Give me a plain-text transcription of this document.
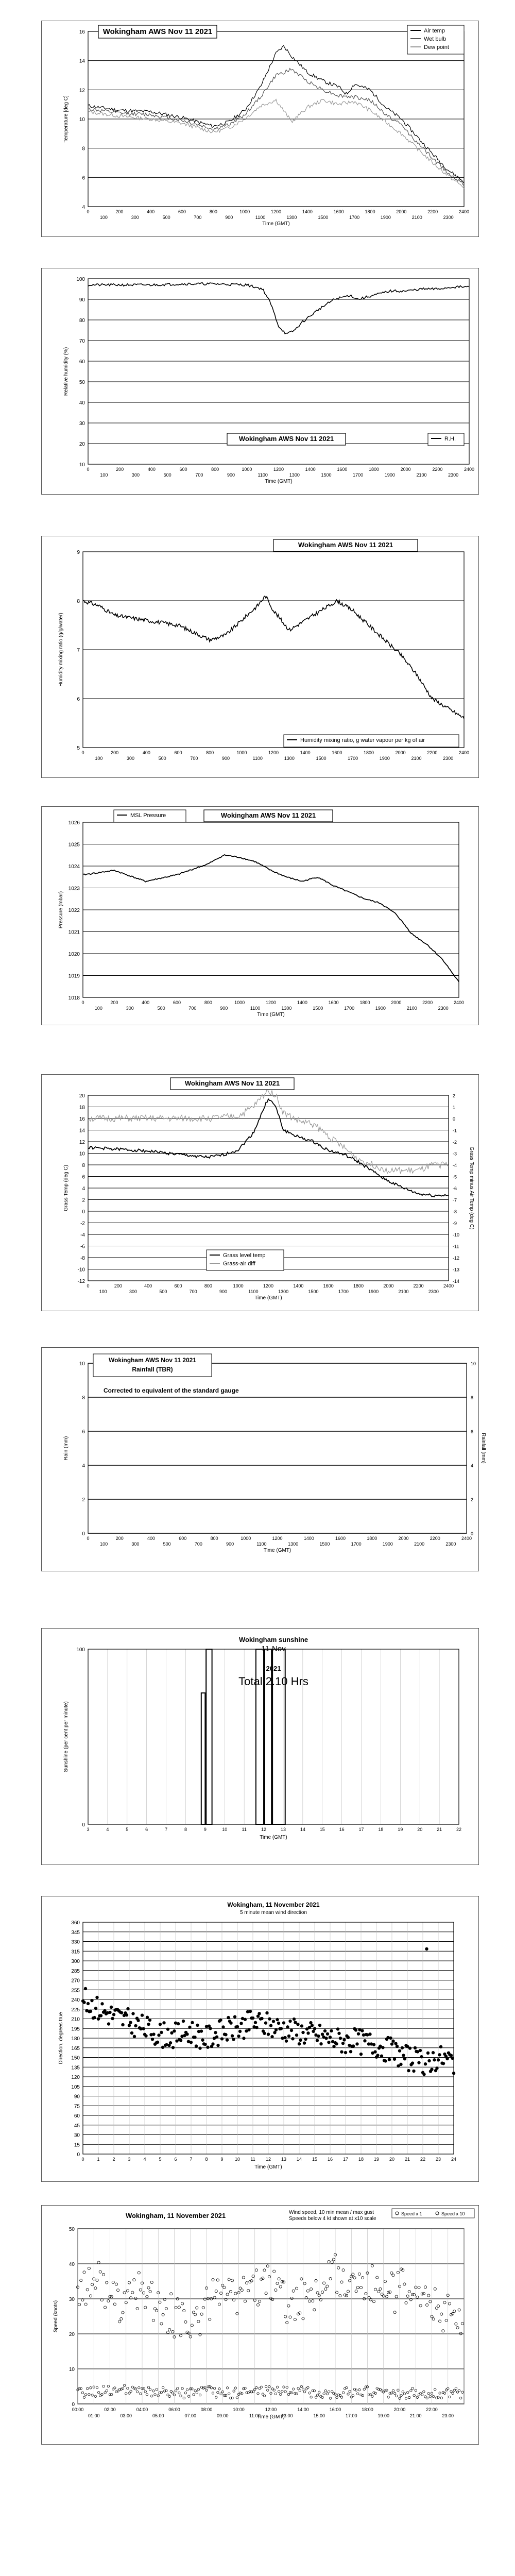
4
6
8
10
12
14
16
0
100
200
300
400
500
600
700
800
900
1000
1100
1200
1300
1400
1500
1600
1700
1800
1900
2000
2100
2200
2300
2400
Time (GMT)
Temperature [deg C]
Wokingham AWS Nov 11 2021	Air temp
Wet bulb
Dew point
10
20
30
40
50
60
70
80
90
100
0
100
200
300
400
500
600
700
800
900
1000
1100
1200
1300
1400
1500
1600
1700
1800
1900
2000
2100
2200
2300
2400
Time (GMT)
Relative humidity (%)
Wokingham AWS Nov 11 2021	R.H.
5
6
7
8
9
0
100
200
300
400
500
600
700
800
900
1000
1100
1200
1300
1400
1500
1600
1700
1800
1900
2000
2100
2200
2300
2400
Humidity mixing ratio (g/g/water)
Wokingham AWS Nov 11 2021
Humidity mixing ratio, g water vapour per kg of air
1018
1019
1020
1021
1022
1023
1024
1025
1026
0
100
200
300
400
500
600
700
800
900
1000
1100
1200
1300
1400
1500
1600
1700
1800
1900
2000
2100
2200
2300
2400
Time (GMT)
Pressure (mbar)
Wokingham AWS Nov 11 2021
MSL Pressure
-12
-10
-8
-6
-4
-2
0
2
4
6
8
10
12
14
16
18
20
0
100
200
300
400
500
600
700
800
900
1000
1100
1200
1300
1400
1500
1600
1700
1800
1900
2000
2100
2200
2300
2400
Time (GMT)
Grass Temp (deg C)
-14
-13
-12
-11
-10
-9
-8
-7
-6
-5
-4
-3
-2
-1
0
1
2
Grass Temp minus Air Temp (deg C)
Wokingham AWS Nov 11 2021
Grass level temp
Grass-air diff
0
2
4
6
8
10
0
100
200
300
400
500
600
700
800
900
1000
1100
1200
1300
1400
1500
1600
1700
1800
1900
2000
2100
2200
2300
2400
Time (GMT)
Rain (mm)
0
2
4
6
8
10
Rainfall (mm)
Wokingham AWS Nov 11 2021
Rainfall (TBR)
Corrected to equivalent of the standard gauge
0
100
3	4	5	6	7	8	9	10	11	12	13	14	15	16	17	18	19	20	21	22
Time (GMT)
Sunshine (per cent per minute)
Wokingham sunshine
11-Nov
2021
Total 2.10 Hrs
0
15
30
45
60
75
90
105
120
135
150
165
180
195
210
225
240
255
270
285
300
315
330
345
360
0	1	2	3	4	5	6	7	8	9 10 11 12 13 14 15 16 17 18 19 20 21 22 23 24
Time (GMT)
Direction, degrees true
Wokingham, 11 November 2021
5 minute mean wind direction
0
10
20
30
40
50
Time (GMT)
Speed (knots)
00:00	02:00	04:00	06:00	08:00	10:00	12:00	14:00	16:00	18:00	20:00	22:00
01:00	03:00	05:00	07:00	09:00	11:00	13:00	15:00	17:00	19:00	21:00	23:00
Wokingham, 11 November 2021	Wind speed, 10 min mean / max gust
Speeds below 4 kt shown at x10 scale
Speed x 1	Speed x 10
